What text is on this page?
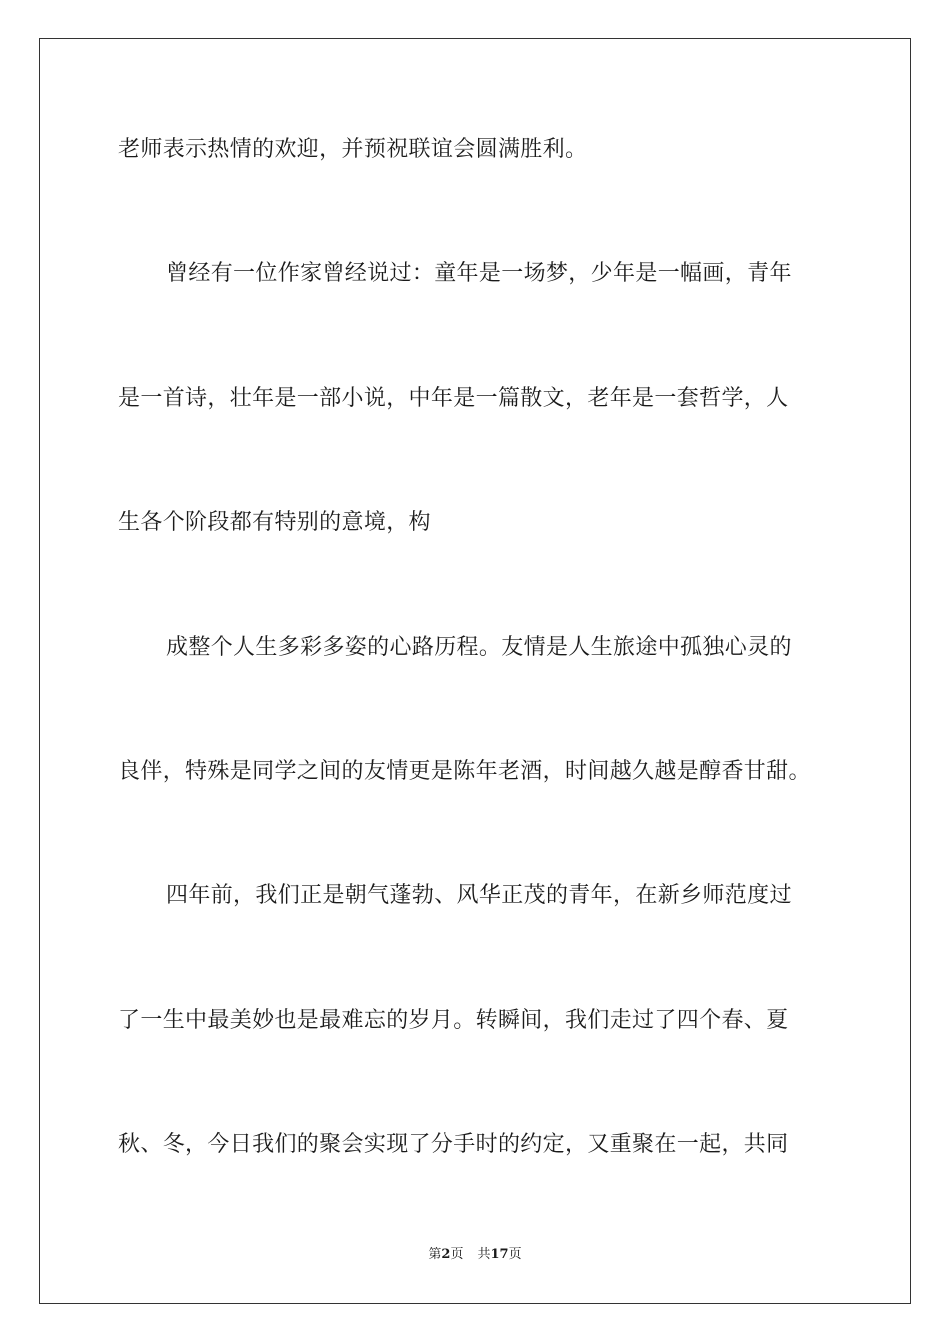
老师表示热情的欢迎，并预祝联谊会圆满胜利。
曾经有一位作家曾经说过：童年是一场梦，少年是一幅画，青年
是一首诗，壮年是一部小说，中年是一篇散文，老年是一套哲学，人
生各个阶段都有特别的意境，构
成整个人生多彩多姿的心路历程。友情是人生旅途中孤独心灵的
良伴，特殊是同学之间的友情更是陈年老酒，时间越久越是醇香甘甜。
四年前，我们正是朝气蓬勃、风华正茂的青年，在新乡师范度过
了一生中最美妙也是最难忘的岁月。转瞬间，我们走过了四个春、夏
秋、冬，今日我们的聚会实现了分手时的约定，又重聚在一起，共同
第2页 共17页
